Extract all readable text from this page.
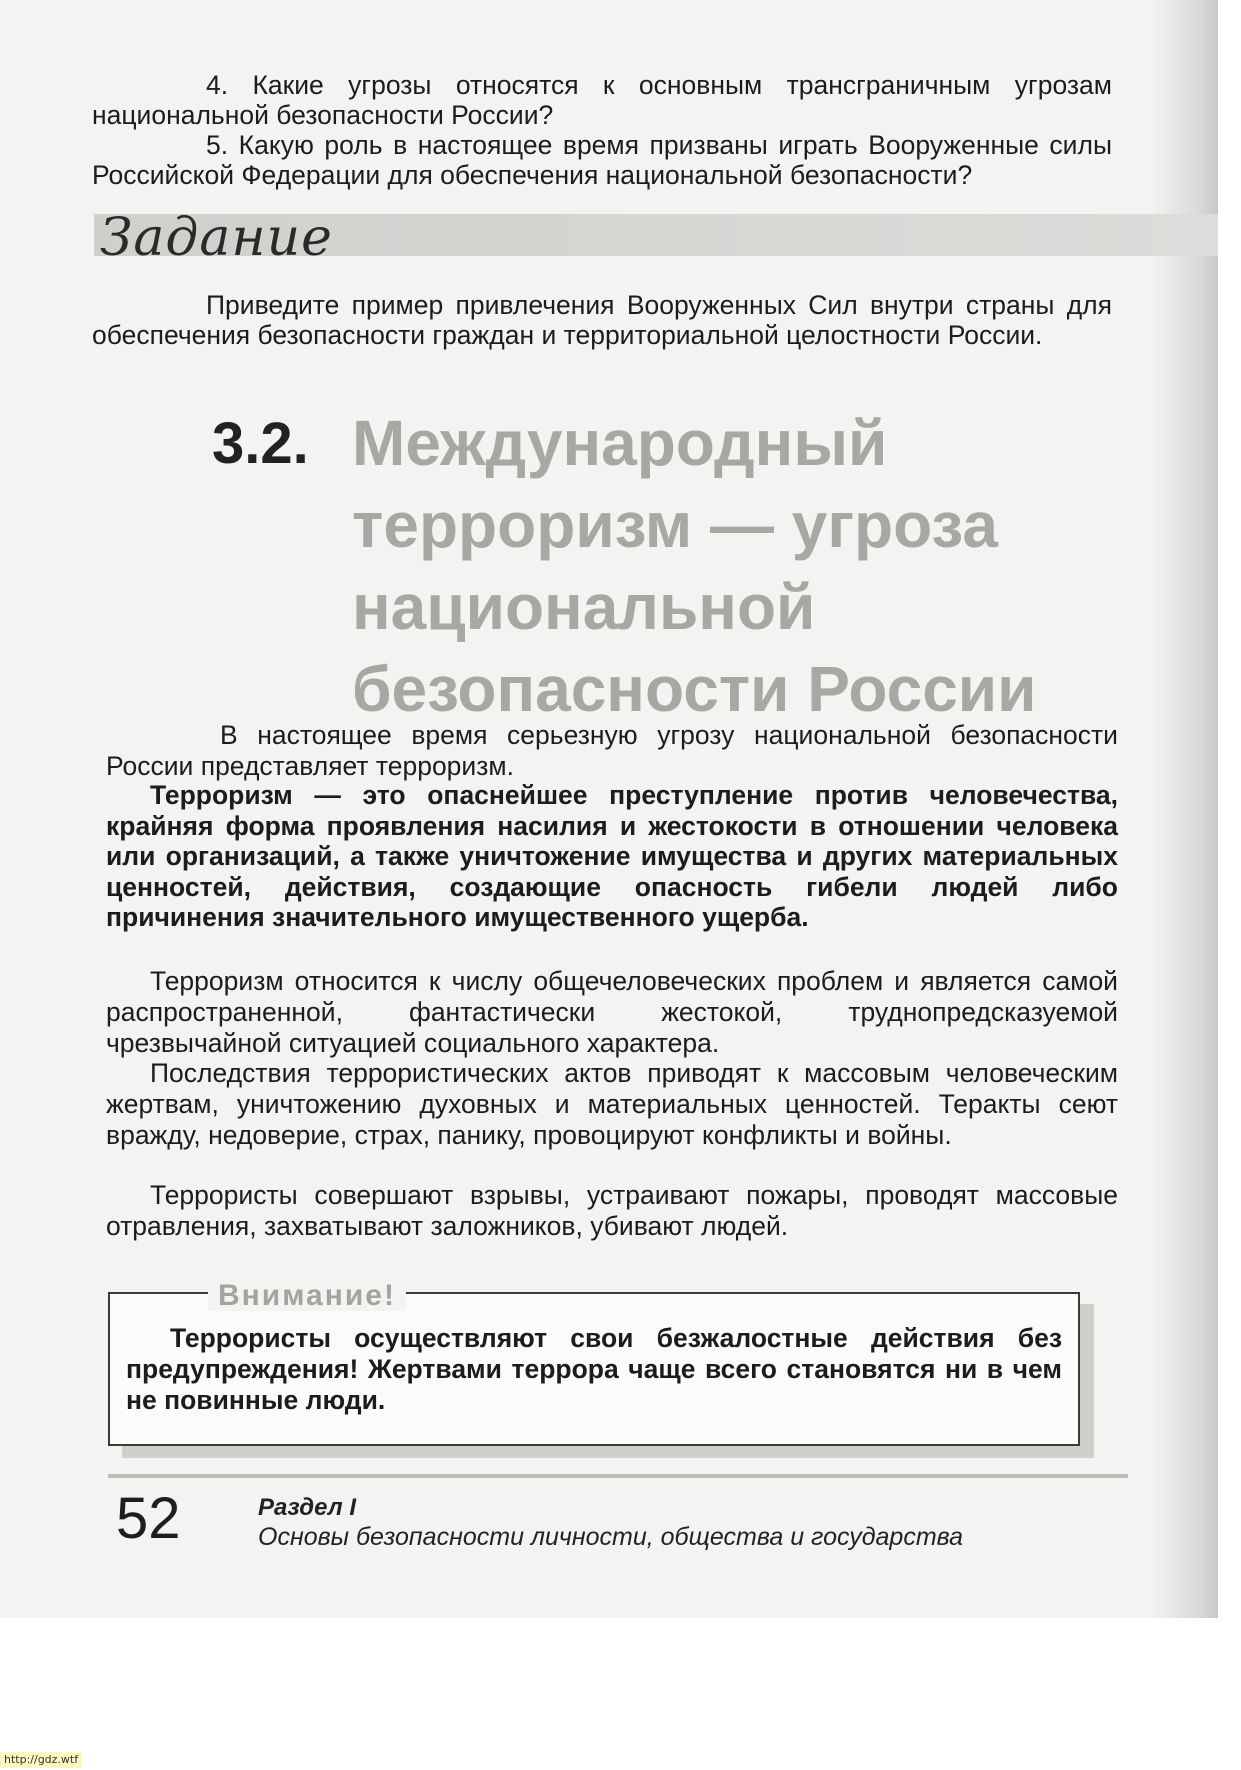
4. Какие угрозы относятся к основным трансграничным угрозам национальной безопасности России?

5. Какую роль в настоящее время призваны играть Вооруженные силы Российской Федерации для обеспечения национальной безопасности?

Задание

Приведите пример привлечения Вооруженных Сил внутри страны для обеспечения безопасности граждан и территориальной целостности России.

3.2. Международный терроризм — угроза национальной безопасности России

В настоящее время серьезную угрозу национальной безопасности России представляет терроризм.

Терроризм — это опаснейшее преступление против человечества, крайняя форма проявления насилия и жестокости в отношении человека или организаций, а также уничтожение имущества и других материальных ценностей, действия, создающие опасность гибели людей либо причинения значительного имущественного ущерба.

Терроризм относится к числу общечеловеческих проблем и является самой распространенной, фантастически жестокой, труднопредсказуемой чрезвычайной ситуацией социального характера.

Последствия террористических актов приводят к массовым человеческим жертвам, уничтожению духовных и материальных ценностей. Теракты сеют вражду, недоверие, страх, панику, провоцируют конфликты и войны.

Террористы совершают взрывы, устраивают пожары, проводят массовые отравления, захватывают заложников, убивают людей.

Внимание!

Террористы осуществляют свои безжалостные действия без предупреждения! Жертвами террора чаще всего становятся ни в чем не повинные люди.

52	Раздел I
Основы безопасности личности, общества и государства
http://gdz.wtf
